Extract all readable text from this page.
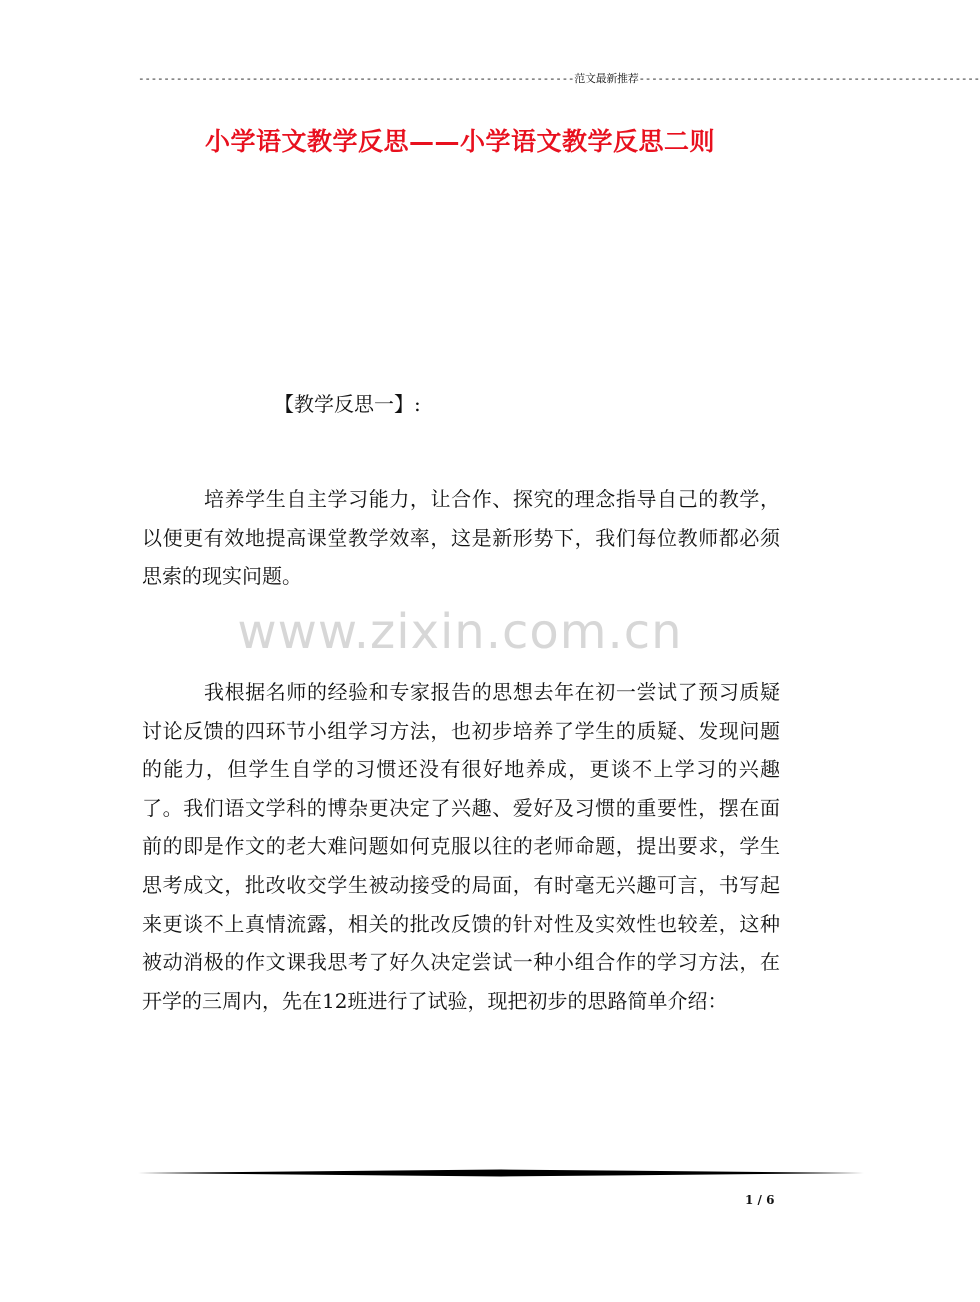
---------------------------------------------------------------------范文最新推荐------------------------------------------------------
小学语文教学反思——小学语文教学反思二则
【教学反思一】:

培养学生自主学习能力，让合作、探究的理念指导自己的教学，以便更有效地提高课堂教学效率，这是新形势下，我们每位教师都必须思索的现实问题。

www.zixin.com.cn

我根据名师的经验和专家报告的思想去年在初一尝试了预习质疑讨论反馈的四环节小组学习方法，也初步培养了学生的质疑、发现问题的能力，但学生自学的习惯还没有很好地养成，更谈不上学习的兴趣了。我们语文学科的博杂更决定了兴趣、爱好及习惯的重要性，摆在面前的即是作文的老大难问题如何克服以往的老师命题，提出要求，学生思考成文，批改收交学生被动接受的局面，有时毫无兴趣可言，书写起来更谈不上真情流露，相关的批改反馈的针对性及实效性也较差，这种被动消极的作文课我思考了好久决定尝试一种小组合作的学习方法，在开学的三周内，先在12班进行了试验，现把初步的思路简单介绍：

1 / 6
